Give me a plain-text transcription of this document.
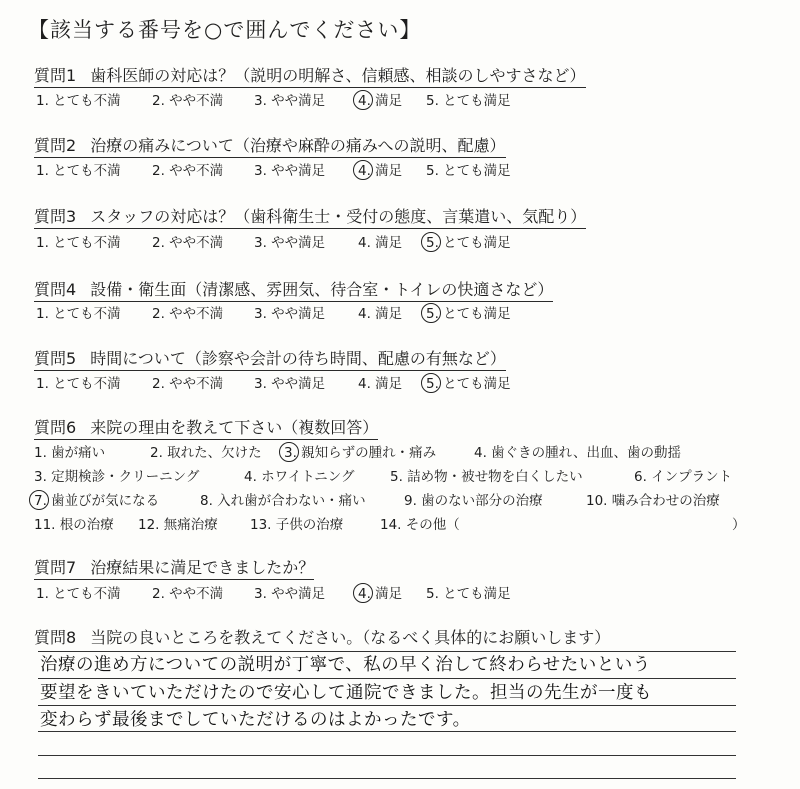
【該当する番号を○で囲んでください】
質問1 歯科医師の対応は？（説明の明解さ、信頼感、相談のしやすさなど）
1. とても不満 2. やや不満 3. やや満足 4. 満足 5. とても満足
質問2 治療の痛みについて（治療や麻酔の痛みへの説明、配慮）
1. とても不満 2. やや不満 3. やや満足 4. 満足 5. とても満足
質問3 スタッフの対応は？（歯科衛生士・受付の態度、言葉遣い、気配り）
1. とても不満 2. やや不満 3. やや満足 4. 満足 5. とても満足
質問4 設備・衛生面（清潔感、雰囲気、待合室・トイレの快適さなど）
1. とても不満 2. やや不満 3. やや満足 4. 満足 5. とても満足
質問5 時間について（診察や会計の待ち時間、配慮の有無など）
1. とても不満 2. やや不満 3. やや満足 4. 満足 5. とても満足
質問6 来院の理由を教えて下さい（複数回答）
1. 歯が痛い	2. 取れた、欠けた 3. 親知らずの腫れ・痛み	4. 歯ぐきの腫れ、出血、歯の動揺
3. 定期検診・クリーニング	4. ホワイトニング	5. 詰め物・被せ物を白くしたい	6. インプラント
7. 歯並びが気になる	8. 入れ歯が合わない・痛い	9. 歯のない部分の治療	10. 噛み合わせの治療
11. 根の治療 12. 無痛治療 13. 子供の治療	14. その他（	）
質問7 治療結果に満足できましたか？
1. とても不満 2. やや不満 3. やや満足 4. 満足 5. とても満足
質問8 当院の良いところを教えてください。（なるべく具体的にお願いします）
治療の進め方についての説明が丁寧で、私の早く治して終わらせたいという
要望をきいていただけたので安心して通院できました。担当の先生が一度も
変わらず最後までしていただけるのはよかったです。
